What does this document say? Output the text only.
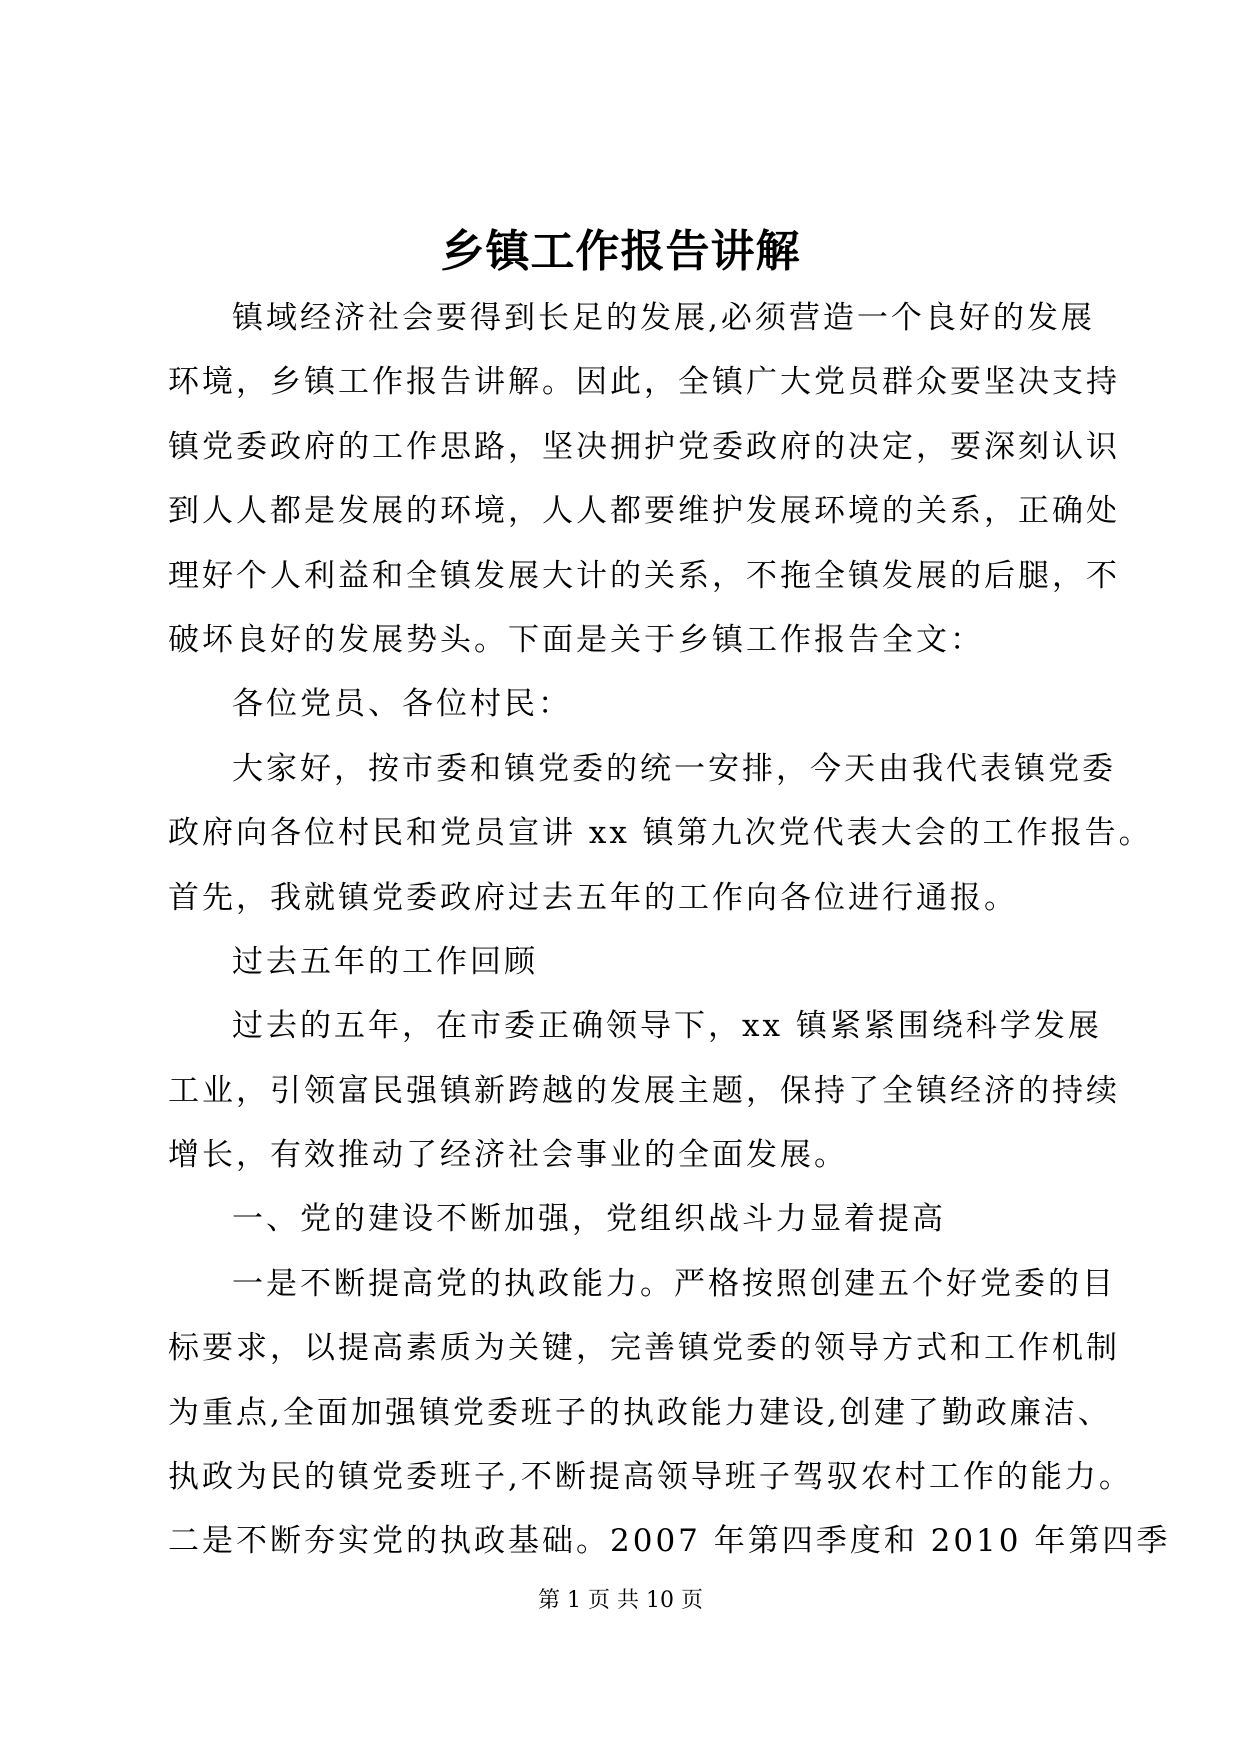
乡镇工作报告讲解
镇域经济社会要得到长足的发展,必须营造一个良好的发展
环境，乡镇工作报告讲解。因此，全镇广大党员群众要坚决支持
镇党委政府的工作思路，坚决拥护党委政府的决定，要深刻认识
到人人都是发展的环境，人人都要维护发展环境的关系，正确处
理好个人利益和全镇发展大计的关系，不拖全镇发展的后腿，不
破坏良好的发展势头。下面是关于乡镇工作报告全文：
各位党员、各位村民：
大家好，按市委和镇党委的统一安排，今天由我代表镇党委
政府向各位村民和党员宣讲 xx 镇第九次党代表大会的工作报告。
首先，我就镇党委政府过去五年的工作向各位进行通报。
过去五年的工作回顾
过去的五年，在市委正确领导下，xx 镇紧紧围绕科学发展
工业，引领富民强镇新跨越的发展主题，保持了全镇经济的持续
增长，有效推动了经济社会事业的全面发展。
一、党的建设不断加强，党组织战斗力显着提高
一是不断提高党的执政能力。严格按照创建五个好党委的目
标要求，以提高素质为关键，完善镇党委的领导方式和工作机制
为重点,全面加强镇党委班子的执政能力建设,创建了勤政廉洁、
执政为民的镇党委班子,不断提高领导班子驾驭农村工作的能力。
二是不断夯实党的执政基础。2007 年第四季度和 2010 年第四季
第 1 页 共 10 页
